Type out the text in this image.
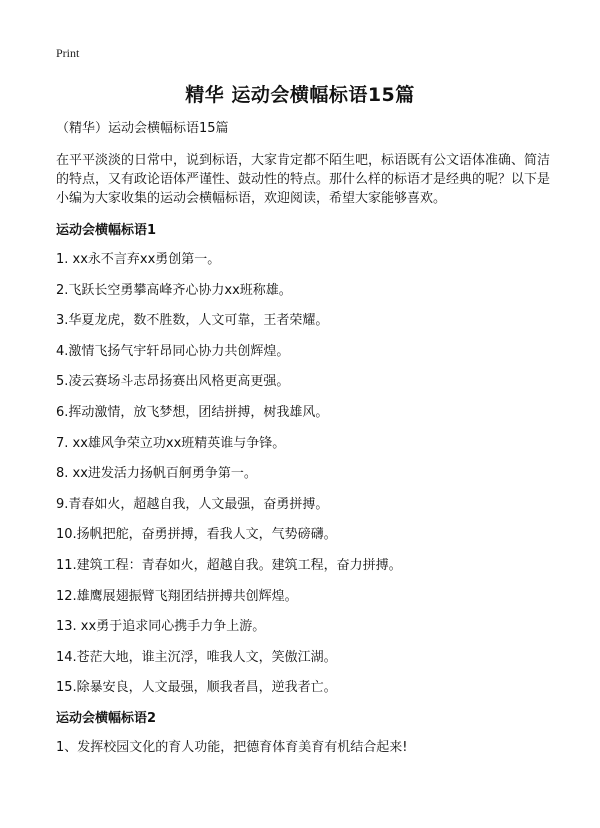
Print
精华 运动会横幅标语15篇

（精华）运动会横幅标语15篇

在平平淡淡的日常中，说到标语，大家肯定都不陌生吧，标语既有公文语体准确、简洁的特点，又有政论语体严谨性、鼓动性的特点。那什么样的标语才是经典的呢？以下是小编为大家收集的运动会横幅标语，欢迎阅读，希望大家能够喜欢。

运动会横幅标语1
1. xx永不言弃xx勇创第一。
2.飞跃长空勇攀高峰齐心协力xx班称雄。
3.华夏龙虎，数不胜数，人文可靠，王者荣耀。
4.激情飞扬气宇轩昂同心协力共创辉煌。
5.凌云赛场斗志昂扬赛出风格更高更强。
6.挥动激情，放飞梦想，团结拼搏，树我雄风。
7. xx雄风争荣立功xx班精英谁与争锋。
8. xx进发活力扬帆百舸勇争第一。
9.青春如火，超越自我，人文最强，奋勇拼搏。
10.扬帆把舵，奋勇拼搏，看我人文，气势磅礴。
11.建筑工程：青春如火，超越自我。建筑工程，奋力拼搏。
12.雄鹰展翅振臂飞翔团结拼搏共创辉煌。
13. xx勇于追求同心携手力争上游。
14.苍茫大地，谁主沉浮，唯我人文，笑傲江湖。
15.除暴安良，人文最强，顺我者昌，逆我者亡。
运动会横幅标语2
1、发挥校园文化的育人功能，把德育体育美育有机结合起来!
